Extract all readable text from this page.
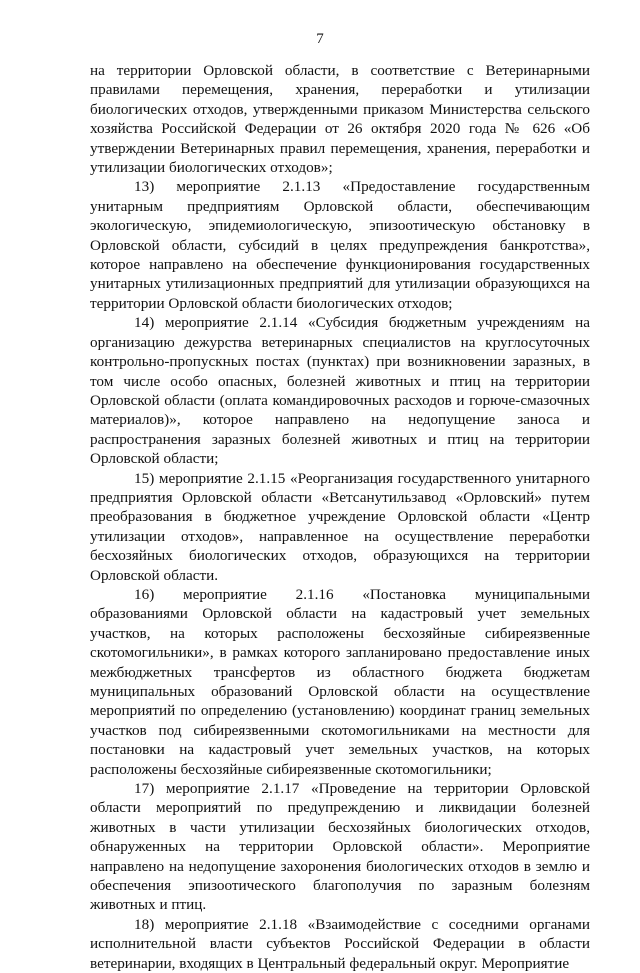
7

на территории Орловской области, в соответствие с Ветеринарными правилами перемещения, хранения, переработки и утилизации биологических отходов, утвержденными приказом Министерства сельского хозяйства Российской Федерации от 26 октября 2020 года № 626 «Об утверждении Ветеринарных правил перемещения, хранения, переработки и утилизации биологических отходов»;

13) мероприятие 2.1.13 «Предоставление государственным унитарным предприятиям Орловской области, обеспечивающим экологическую, эпидемиологическую, эпизоотическую обстановку в Орловской области, субсидий в целях предупреждения банкротства», которое направлено на обеспечение функционирования государственных унитарных утилизационных предприятий для утилизации образующихся на территории Орловской области биологических отходов;

14) мероприятие 2.1.14 «Субсидия бюджетным учреждениям на организацию дежурства ветеринарных специалистов на круглосуточных контрольно-пропускных постах (пунктах) при возникновении заразных, в том числе особо опасных, болезней животных и птиц на территории Орловской области (оплата командировочных расходов и горюче-смазочных материалов)», которое направлено на недопущение заноса и распространения заразных болезней животных и птиц на территории Орловской области;

15) мероприятие 2.1.15 «Реорганизация государственного унитарного предприятия Орловской области «Ветсанутильзавод «Орловский» путем преобразования в бюджетное учреждение Орловской области «Центр утилизации отходов», направленное на осуществление переработки бесхозяйных биологических отходов, образующихся на территории Орловской области.

16) мероприятие 2.1.16 «Постановка муниципальными образованиями Орловской области на кадастровый учет земельных участков, на которых расположены бесхозяйные сибиреязвенные скотомогильники», в рамках которого запланировано предоставление иных межбюджетных трансфертов из областного бюджета бюджетам муниципальных образований Орловской области на осуществление мероприятий по определению (установлению) координат границ земельных участков под сибиреязвенными скотомогильниками на местности для постановки на кадастровый учет земельных участков, на которых расположены бесхозяйные сибиреязвенные скотомогильники;

17) мероприятие 2.1.17 «Проведение на территории Орловской области мероприятий по предупреждению и ликвидации болезней животных в части утилизации бесхозяйных биологических отходов, обнаруженных на территории Орловской области». Мероприятие направлено на недопущение захоронения биологических отходов в землю и обеспечения эпизоотического благополучия по заразным болезням животных и птиц.

18) мероприятие 2.1.18 «Взаимодействие с соседними органами исполнительной власти субъектов Российской Федерации в области ветеринарии, входящих в Центральный федеральный округ. Мероприятие
